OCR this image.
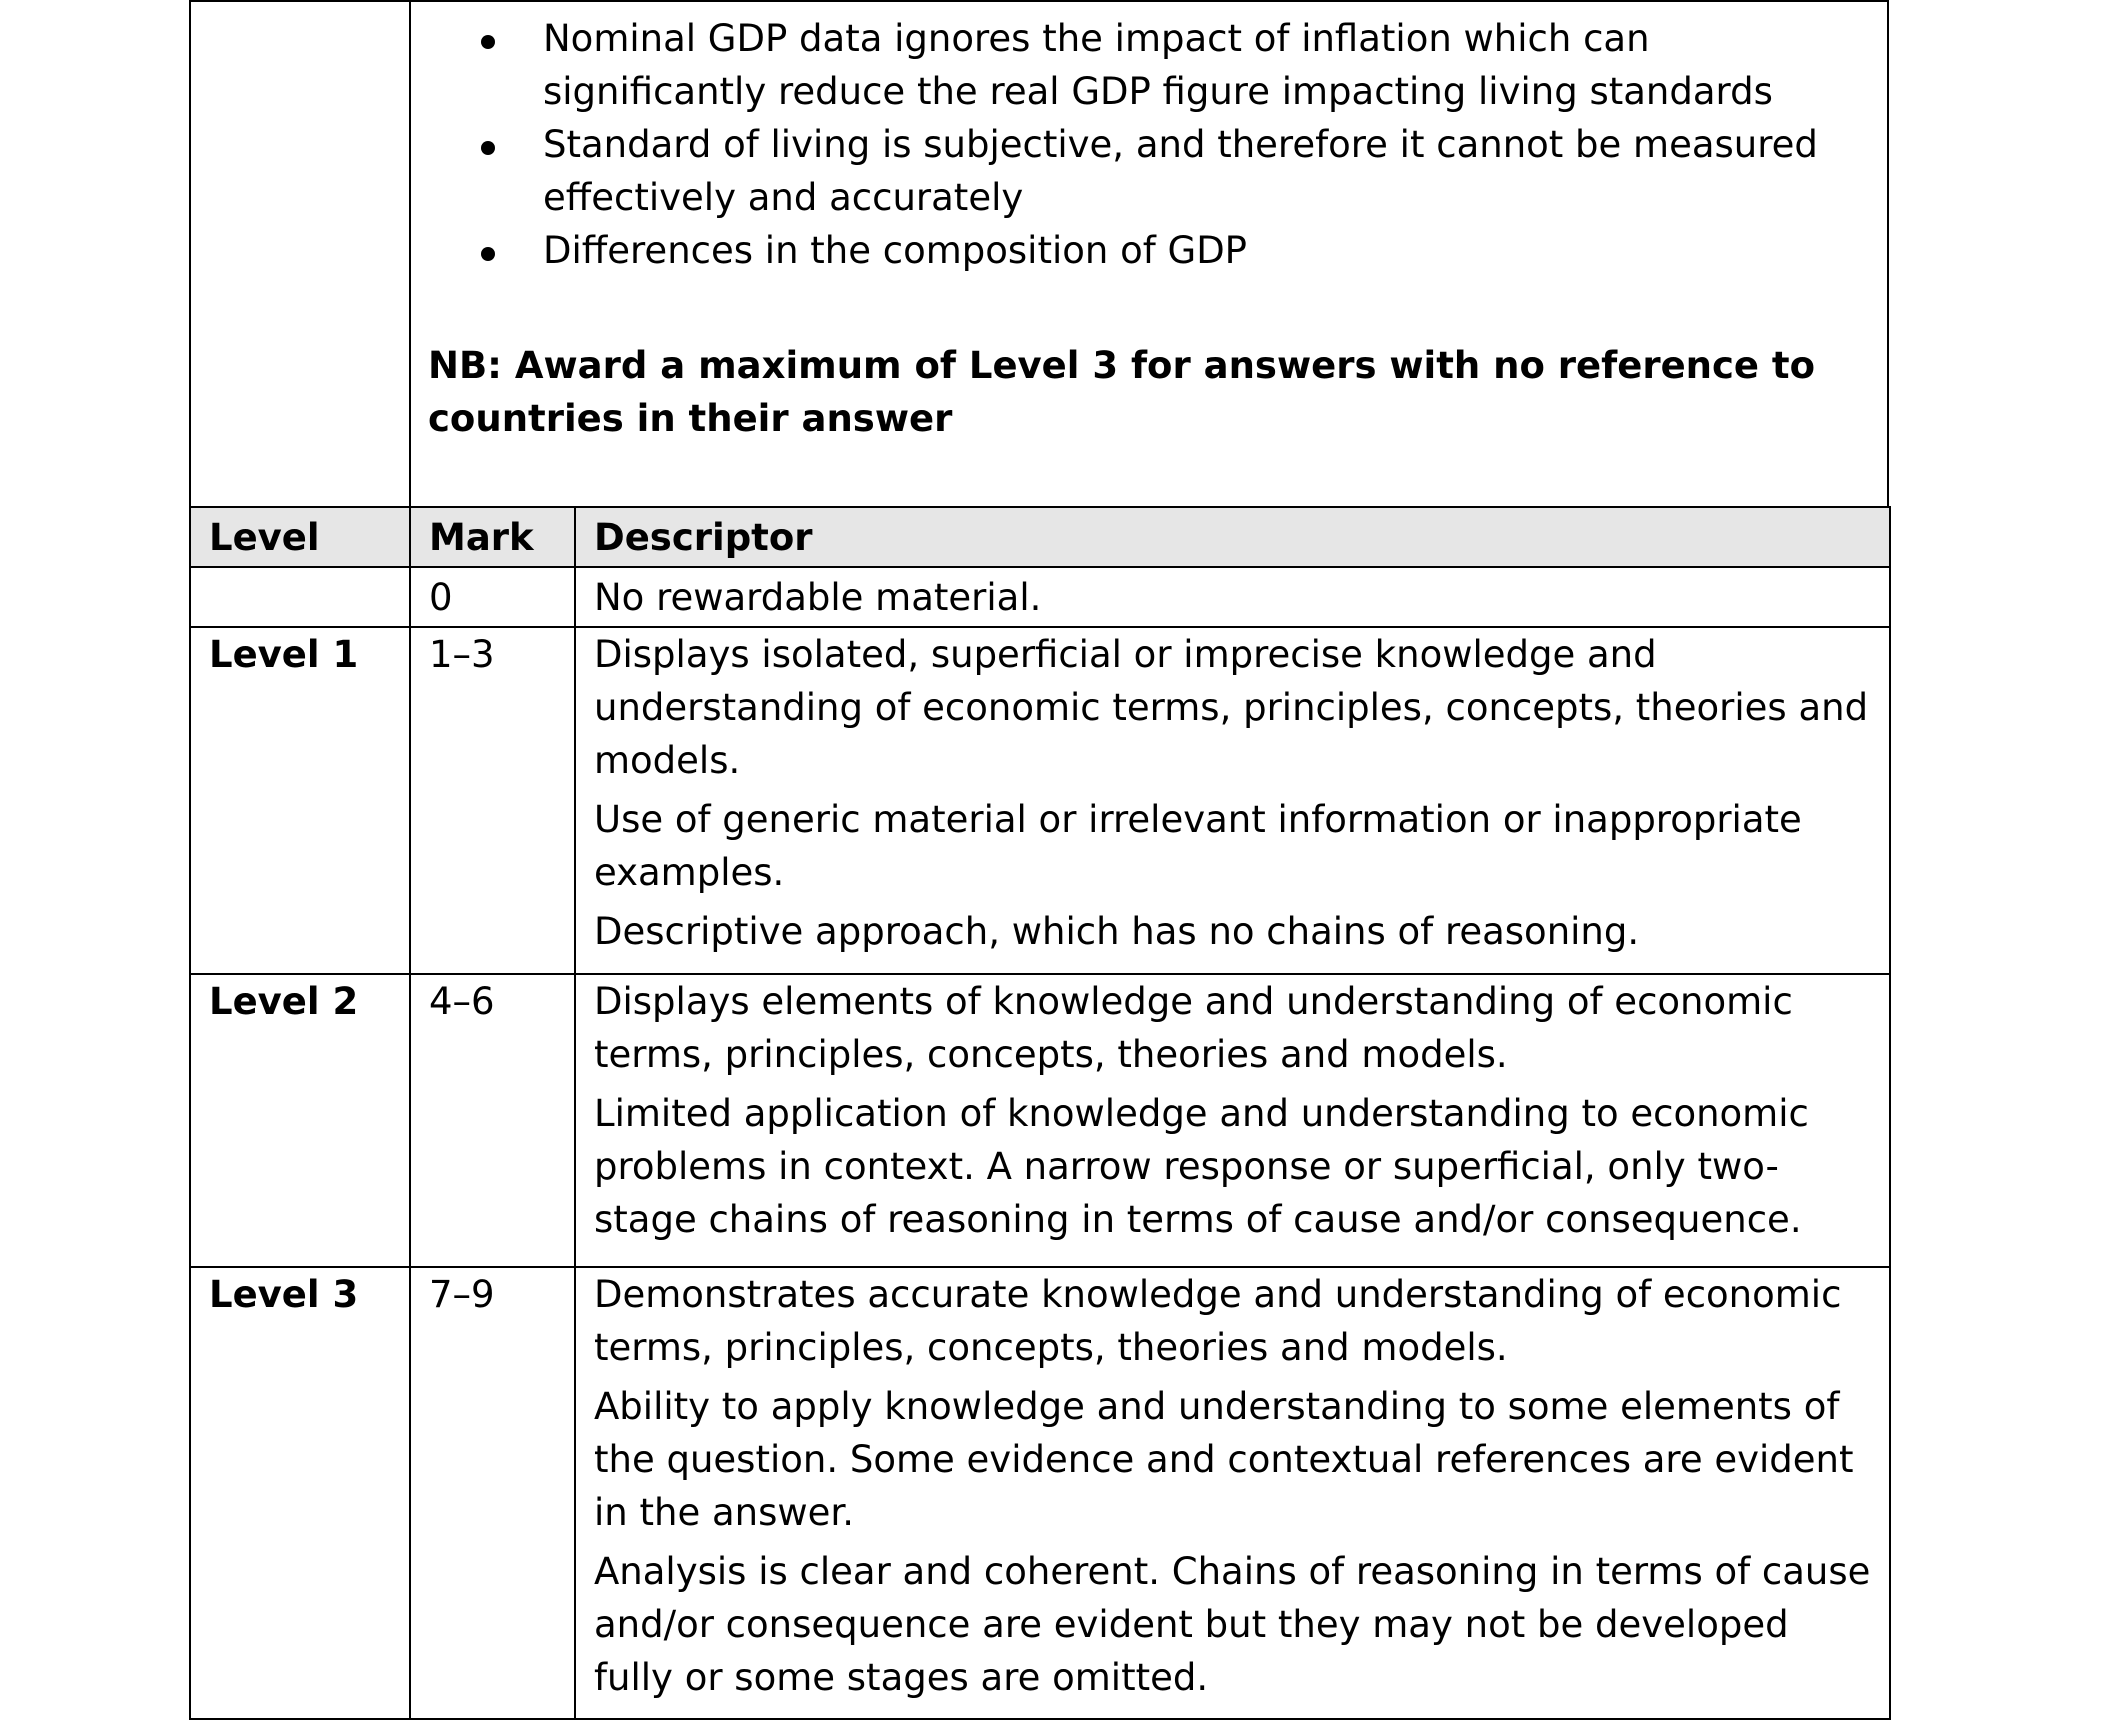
Nominal GDP data ignores the impact of inflation which can significantly reduce the real GDP figure impacting living standards
Standard of living is subjective, and therefore it cannot be measured effectively and accurately
Differences in the composition of GDP
NB: Award a maximum of Level 3 for answers with no reference to countries in their answer
Level	Mark	Descriptor
	0	No rewardable material.
Level 1	1–3	Displays isolated, superficial or imprecise knowledge and understanding of economic terms, principles, concepts, theories and models.

Use of generic material or irrelevant information or inappropriate examples.

Descriptive approach, which has no chains of reasoning.

Level 2	4–6	Displays elements of knowledge and understanding of economic terms, principles, concepts, theories and models.

Limited application of knowledge and understanding to economic problems in context. A narrow response or superficial, only two-stage chains of reasoning in terms of cause and/or consequence.

Level 3	7–9	Demonstrates accurate knowledge and understanding of economic terms, principles, concepts, theories and models.

Ability to apply knowledge and understanding to some elements of the question. Some evidence and contextual references are evident in the answer.

Analysis is clear and coherent. Chains of reasoning in terms of cause and/or consequence are evident but they may not be developed fully or some stages are omitted.
